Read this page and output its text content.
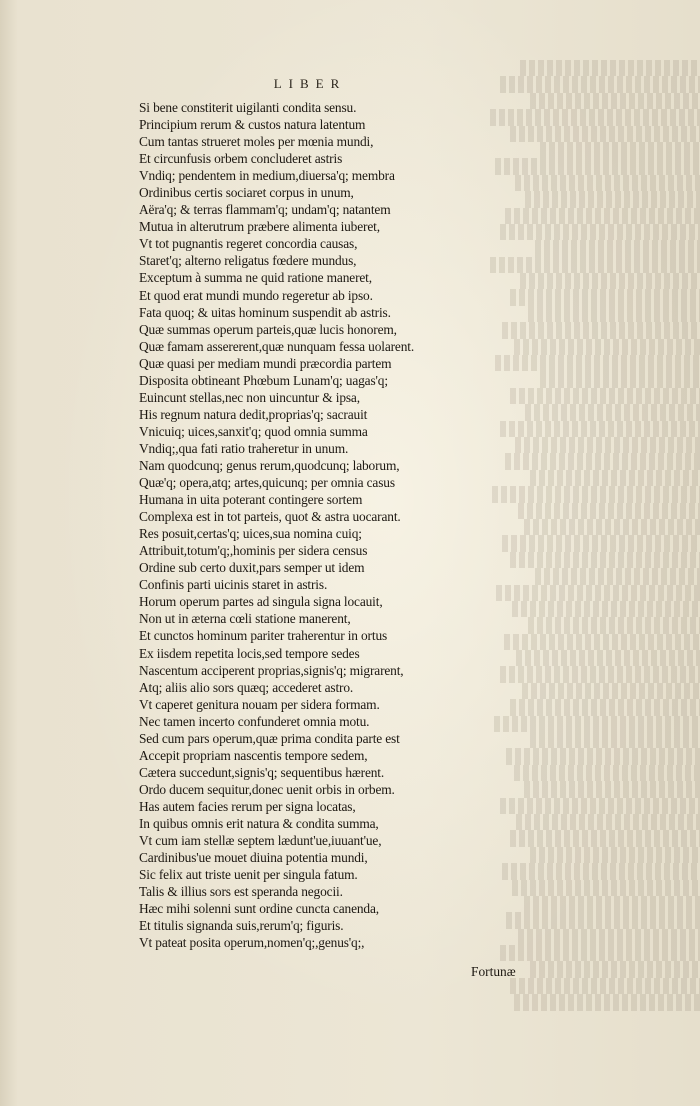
LIBER
Si bene constiterit uigilanti condita sensu.
Principium rerum & custos natura latentum
Cum tantas strueret moles per mœnia mundi,
Et circunfusis orbem concluderet astris
Vndiq; pendentem in medium,diuersa'q; membra
Ordinibus certis sociaret corpus in unum,
Aëra'q; & terras flammam'q; undam'q; natantem
Mutua in alterutrum præbere alimenta iuberet,
Vt tot pugnantis regeret concordia causas,
Staret'q; alterno religatus fœdere mundus,
Exceptum à summa ne quid ratione maneret,
Et quod erat mundi mundo regeretur ab ipso.
Fata quoq; & uitas hominum suspendit ab astris.
Quæ summas operum parteis,quæ lucis honorem,
Quæ famam assererent,quæ nunquam fessa uolarent.
Quæ quasi per mediam mundi præcordia partem
Disposita obtineant Phœbum Lunam'q; uagas'q;
Euincunt stellas,nec non uincuntur & ipsa,
His regnum natura dedit,proprias'q; sacrauit
Vnicuiq; uices,sanxit'q; quod omnia summa
Vndiq;,qua fati ratio traheretur in unum.
Nam quodcunq; genus rerum,quodcunq; laborum,
Quæ'q; opera,atq; artes,quicunq; per omnia casus
Humana in uita poterant contingere sortem
Complexa est in tot parteis, quot & astra uocarant.
Res posuit,certas'q; uices,sua nomina cuiq;
Attribuit,totum'q;,hominis per sidera census
Ordine sub certo duxit,pars semper ut idem
Confinis parti uicinis staret in astris.
Horum operum partes ad singula signa locauit,
Non ut in æterna cœli statione manerent,
Et cunctos hominum pariter traherentur in ortus
Ex iisdem repetita locis,sed tempore sedes
Nascentum acciperent proprias,signis'q; migrarent,
Atq; aliis alio sors quæq; accederet astro.
Vt caperet genitura nouam per sidera formam.
Nec tamen incerto confunderet omnia motu.
Sed cum pars operum,quæ prima condita parte est
Accepit propriam nascentis tempore sedem,
Cætera succedunt,signis'q; sequentibus hærent.
Ordo ducem sequitur,donec uenit orbis in orbem.
Has autem facies rerum per signa locatas,
In quibus omnis erit natura & condita summa,
Vt cum iam stellæ septem lædunt'ue,iuuant'ue,
Cardinibus'ue mouet diuina potentia mundi,
Sic felix aut triste uenit per singula fatum.
Talis & illius sors est speranda negocii.
Hæc mihi solenni sunt ordine cuncta canenda,
Et titulis signanda suis,rerum'q; figuris.
Vt pateat posita operum,nomen'q;,genus'q;,
Fortunæ
